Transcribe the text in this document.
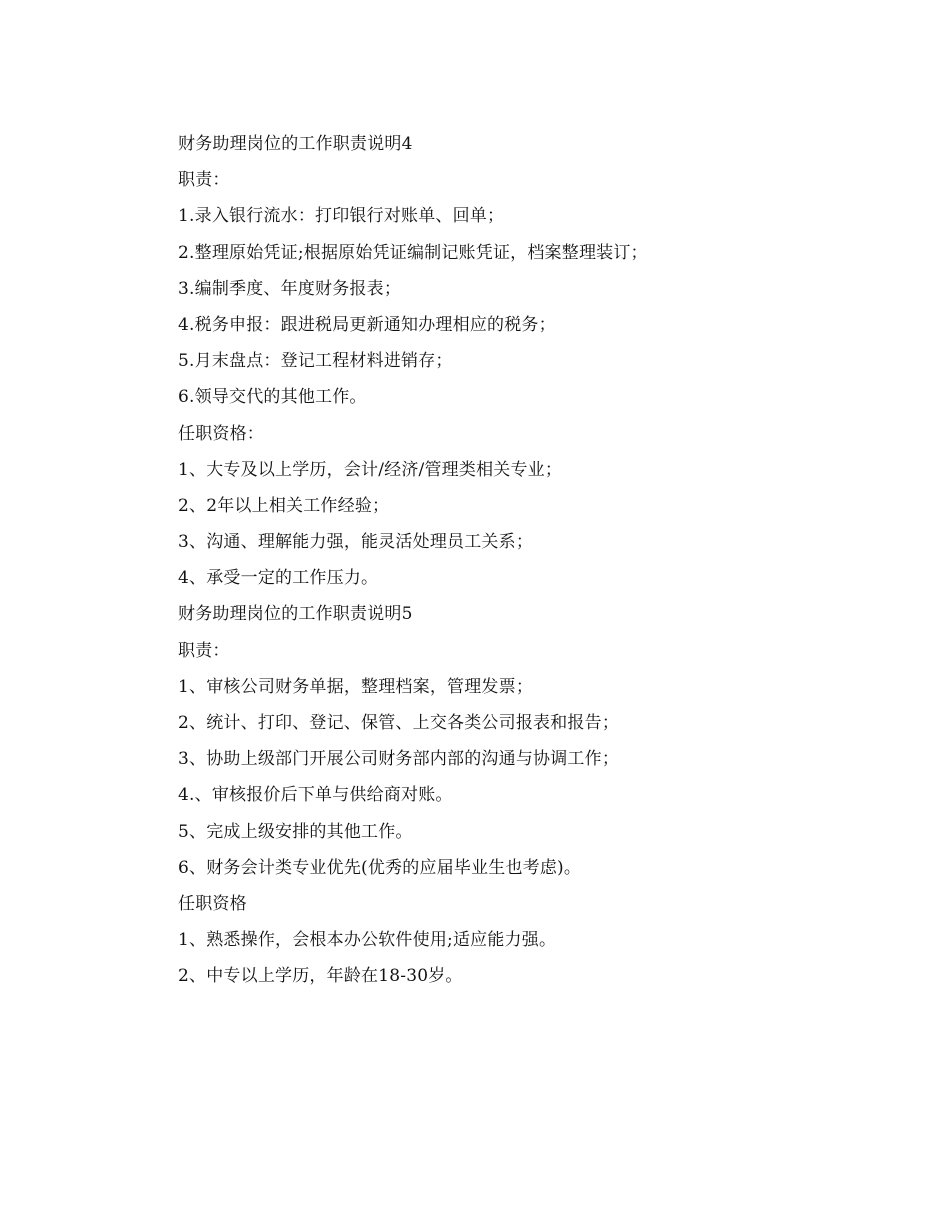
财务助理岗位的工作职责说明4
职责：
1.录入银行流水：打印银行对账单、回单；
2.整理原始凭证;根据原始凭证编制记账凭证，档案整理装订；
3.编制季度、年度财务报表；
4.税务申报：跟进税局更新通知办理相应的税务；
5.月末盘点：登记工程材料进销存；
6.领导交代的其他工作。
任职资格：
1、大专及以上学历，会计/经济/管理类相关专业；
2、2年以上相关工作经验；
3、沟通、理解能力强，能灵活处理员工关系；
4、承受一定的工作压力。
财务助理岗位的工作职责说明5
职责：
1、审核公司财务单据，整理档案，管理发票；
2、统计、打印、登记、保管、上交各类公司报表和报告；
3、协助上级部门开展公司财务部内部的沟通与协调工作；
4.、审核报价后下单与供给商对账。
5、完成上级安排的其他工作。
6、财务会计类专业优先(优秀的应届毕业生也考虑)。
任职资格
1、熟悉操作，会根本办公软件使用;适应能力强。
2、中专以上学历，年龄在18-30岁。
